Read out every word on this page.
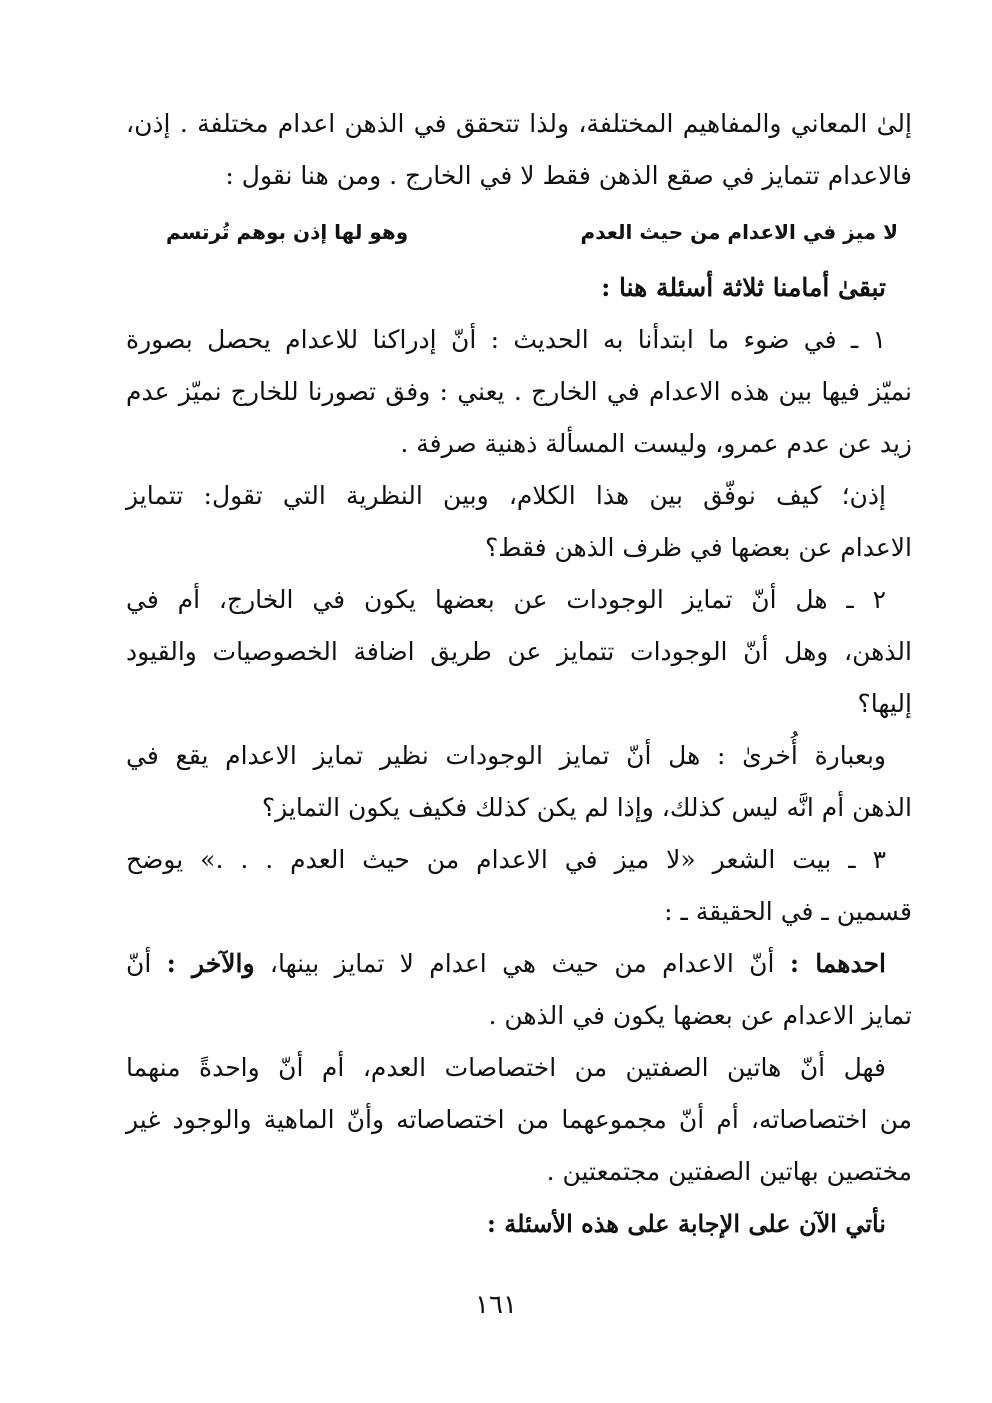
إلىٰ المعاني والمفاهيم المختلفة، ولذا تتحقق في الذهن اعدام مختلفة . إذن،
فالاعدام تتمايز في صقع الذهن فقط لا في الخارج . ومن هنا نقول :
لا ميز في الاعدام من حيث العدم
وهو لها إذن بوهم تُرتسم
تبقىٰ أمامنا ثلاثة أسئلة هنا :
١ ـ في ضوء ما ابتدأنا به الحديث : أنّ إدراكنا للاعدام يحصل بصورة
نميّز فيها بين هذه الاعدام في الخارج . يعني : وفق تصورنا للخارج نميّز عدم
زيد عن عدم عمرو، وليست المسألة ذهنية صرفة .
إذن؛ كيف نوفّق بين هذا الكلام، وبين النظرية التي تقول: تتمايز
الاعدام عن بعضها في ظرف الذهن فقط؟
٢ ـ هل أنّ تمايز الوجودات عن بعضها يكون في الخارج، أم في
الذهن، وهل أنّ الوجودات تتمايز عن طريق اضافة الخصوصيات والقيود
إليها؟
وبعبارة أُخرىٰ : هل أنّ تمايز الوجودات نظير تمايز الاعدام يقع في
الذهن أم انَّه ليس كذلك، وإذا لم يكن كذلك فكيف يكون التمايز؟
٣ ـ بيت الشعر «لا ميز في الاعدام من حيث العدم . . .» يوضح
قسمين ـ في الحقيقة ـ :
احدهما : أنّ الاعدام من حيث هي اعدام لا تمايز بينها، والآخر : أنّ
تمايز الاعدام عن بعضها يكون في الذهن .
فهل أنّ هاتين الصفتين من اختصاصات العدم، أم أنّ واحدةً منهما
من اختصاصاته، أم أنّ مجموعهما من اختصاصاته وأنّ الماهية والوجود غير
مختصين بهاتين الصفتين مجتمعتين .
نأتي الآن على الإجابة على هذه الأسئلة :
١٦١
